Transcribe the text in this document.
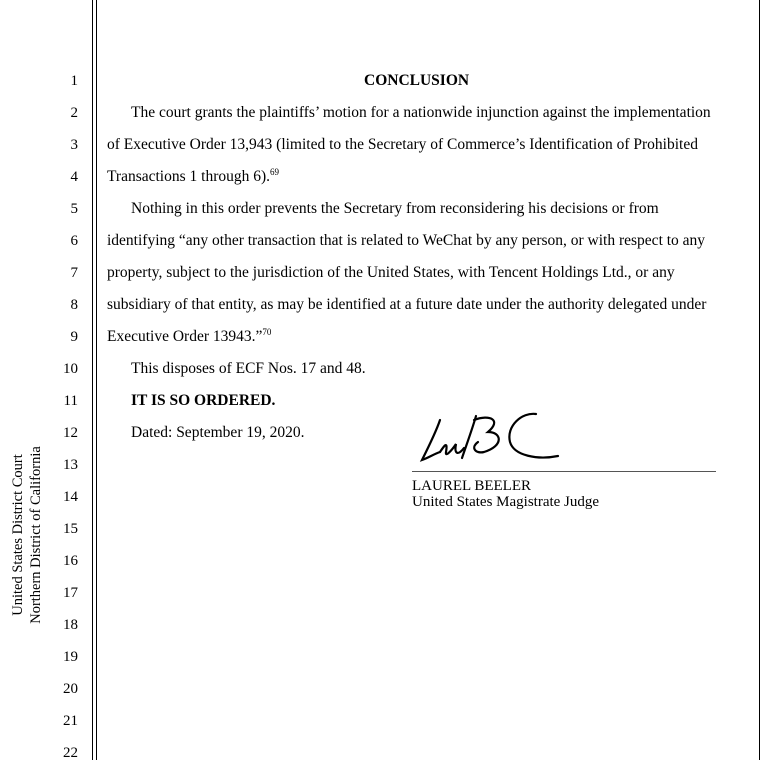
1
2
3
4
5
6
7
8
9
10
11
12
13
14
15
16
17
18
19
20
21
22
United States District Court Northern District of California
CONCLUSION
The court grants the plaintiffs’ motion for a nationwide injunction against the implementation
of Executive Order 13,943 (limited to the Secretary of Commerce’s Identification of Prohibited
Transactions 1 through 6).$^{69}$
Nothing in this order prevents the Secretary from reconsidering his decisions or from
identifying “any other transaction that is related to WeChat by any person, or with respect to any
property, subject to the jurisdiction of the United States, with Tencent Holdings Ltd., or any
subsidiary of that entity, as may be identified at a future date under the authority delegated under
Executive Order 13943.”$^{70}$
This disposes of ECF Nos. 17 and 48.
IT IS SO ORDERED.
Dated: September 19, 2020.
LAUREL BEELER
United States Magistrate Judge
